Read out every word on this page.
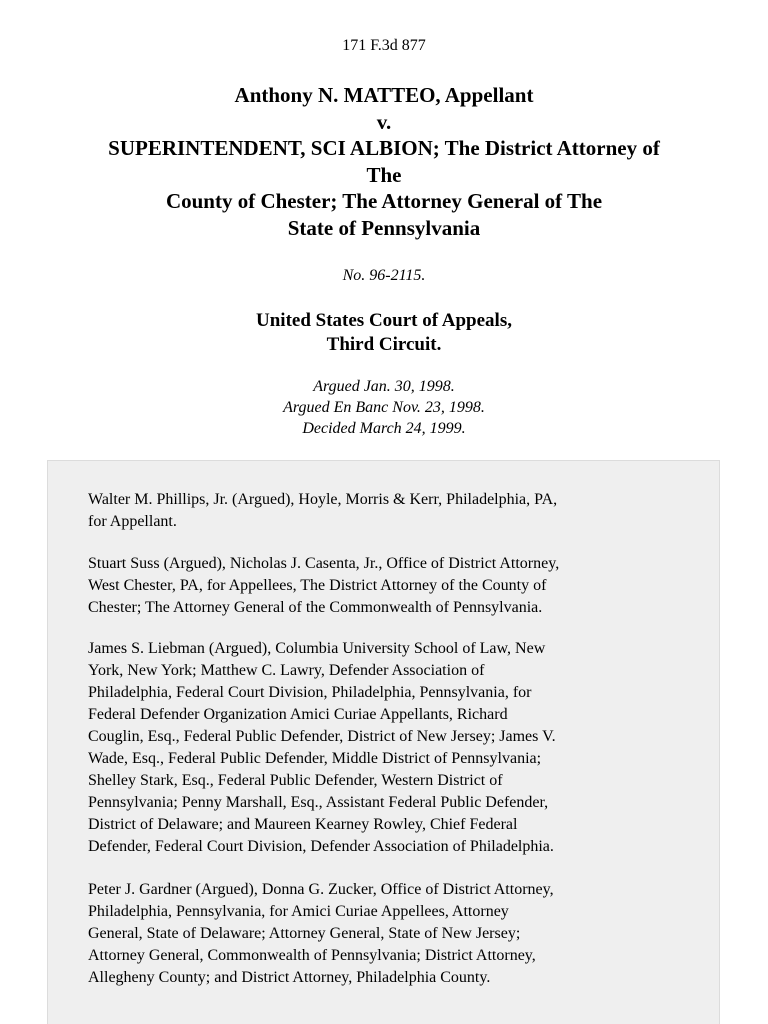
171 F.3d 877
Anthony N. MATTEO, Appellant
v.
SUPERINTENDENT, SCI ALBION; The District Attorney of
The
County of Chester; The Attorney General of The
State of Pennsylvania
No. 96-2115.
United States Court of Appeals,
Third Circuit.
Argued Jan. 30, 1998.
Argued En Banc Nov. 23, 1998.
Decided March 24, 1999.
Walter M. Phillips, Jr. (Argued), Hoyle, Morris & Kerr, Philadelphia, PA,
for Appellant.
Stuart Suss (Argued), Nicholas J. Casenta, Jr., Office of District Attorney,
West Chester, PA, for Appellees, The District Attorney of the County of
Chester; The Attorney General of the Commonwealth of Pennsylvania.
James S. Liebman (Argued), Columbia University School of Law, New
York, New York; Matthew C. Lawry, Defender Association of
Philadelphia, Federal Court Division, Philadelphia, Pennsylvania, for
Federal Defender Organization Amici Curiae Appellants, Richard
Couglin, Esq., Federal Public Defender, District of New Jersey; James V.
Wade, Esq., Federal Public Defender, Middle District of Pennsylvania;
Shelley Stark, Esq., Federal Public Defender, Western District of
Pennsylvania; Penny Marshall, Esq., Assistant Federal Public Defender,
District of Delaware; and Maureen Kearney Rowley, Chief Federal
Defender, Federal Court Division, Defender Association of Philadelphia.
Peter J. Gardner (Argued), Donna G. Zucker, Office of District Attorney,
Philadelphia, Pennsylvania, for Amici Curiae Appellees, Attorney
General, State of Delaware; Attorney General, State of New Jersey;
Attorney General, Commonwealth of Pennsylvania; District Attorney,
Allegheny County; and District Attorney, Philadelphia County.
